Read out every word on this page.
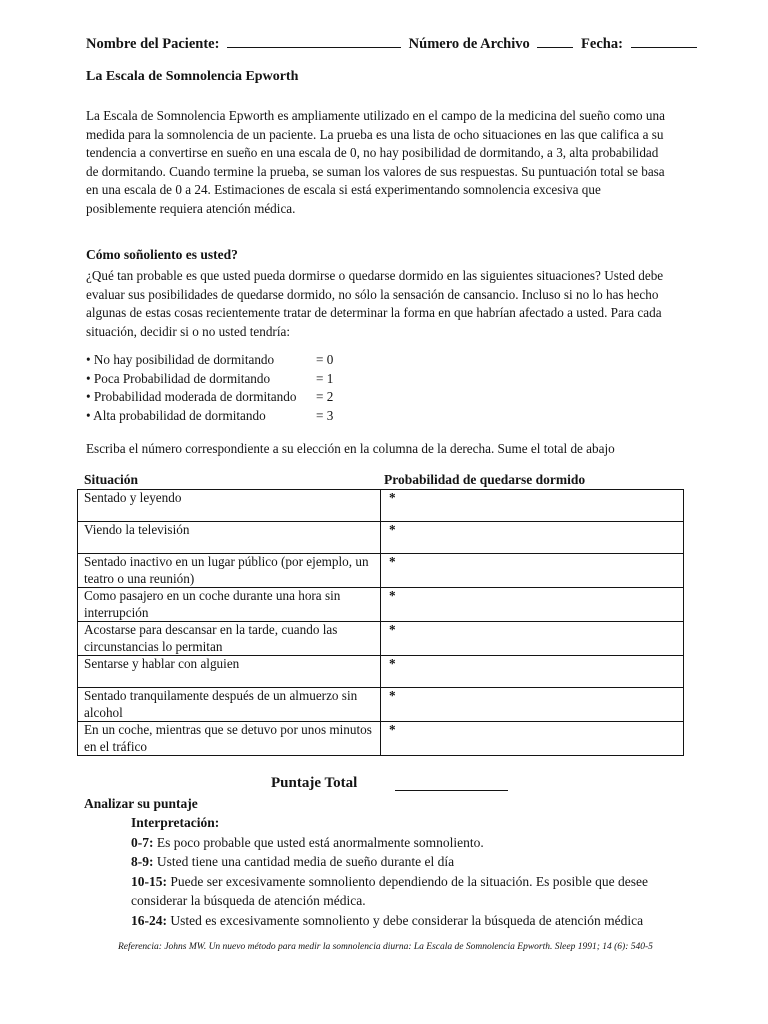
Nombre del Paciente:	Número de Archivo	Fecha:
La Escala de Somnolencia Epworth

La Escala de Somnolencia Epworth es ampliamente utilizado en el campo de la medicina del sueño como una

medida para la somnolencia de un paciente. La prueba es una lista de ocho situaciones en las que califica a su

tendencia a convertirse en sueño en una escala de 0, no hay posibilidad de dormitando, a 3, alta probabilidad

de dormitando. Cuando termine la prueba, se suman los valores de sus respuestas. Su puntuación total se basa

en una escala de 0 a 24. Estimaciones de escala si está experimentando somnolencia excesiva que

posiblemente requiera atención médica.

Cómo soñoliento es usted?

¿Qué tan probable es que usted pueda dormirse o quedarse dormido en las siguientes situaciones? Usted debe

evaluar sus posibilidades de quedarse dormido, no sólo la sensación de cansancio. Incluso si no lo has hecho

algunas de estas cosas recientemente tratar de determinar la forma en que habrían afectado a usted. Para cada

situación, decidir si o no usted tendría:

• No hay posibilidad de dormitando	= 0
• Poca Probabilidad de dormitando	= 1
• Probabilidad moderada de dormitando	= 2
• Alta probabilidad de dormitando	= 3
Escriba el número correspondiente a su elección en la columna de la derecha. Sume el total de abajo
Situación	Probabilidad de quedarse dormido
Sentado y leyendo	*
Viendo la televisión	*
Sentado inactivo en un lugar público (por ejemplo, un teatro o una reunión)	*
Como pasajero en un coche durante una hora sin interrupción	*
Acostarse para descansar en la tarde, cuando las circunstancias lo permitan	*
Sentarse y hablar con alguien	*
Sentado tranquilamente después de un almuerzo sin alcohol	*
En un coche, mientras que se detuvo por unos minutos en el tráfico	*
Puntaje Total
Analizar su puntaje

Interpretación:

0-7: Es poco probable que usted está anormalmente somnoliento.

8-9: Usted tiene una cantidad media de sueño durante el día

10-15: Puede ser excesivamente somnoliento dependiendo de la situación. Es posible que desee considerar la búsqueda de atención médica.

16-24: Usted es excesivamente somnoliento y debe considerar la búsqueda de atención médica

Referencia: Johns MW. Un nuevo método para medir la somnolencia diurna: La Escala de Somnolencia Epworth. Sleep 1991; 14 (6): 540-5
